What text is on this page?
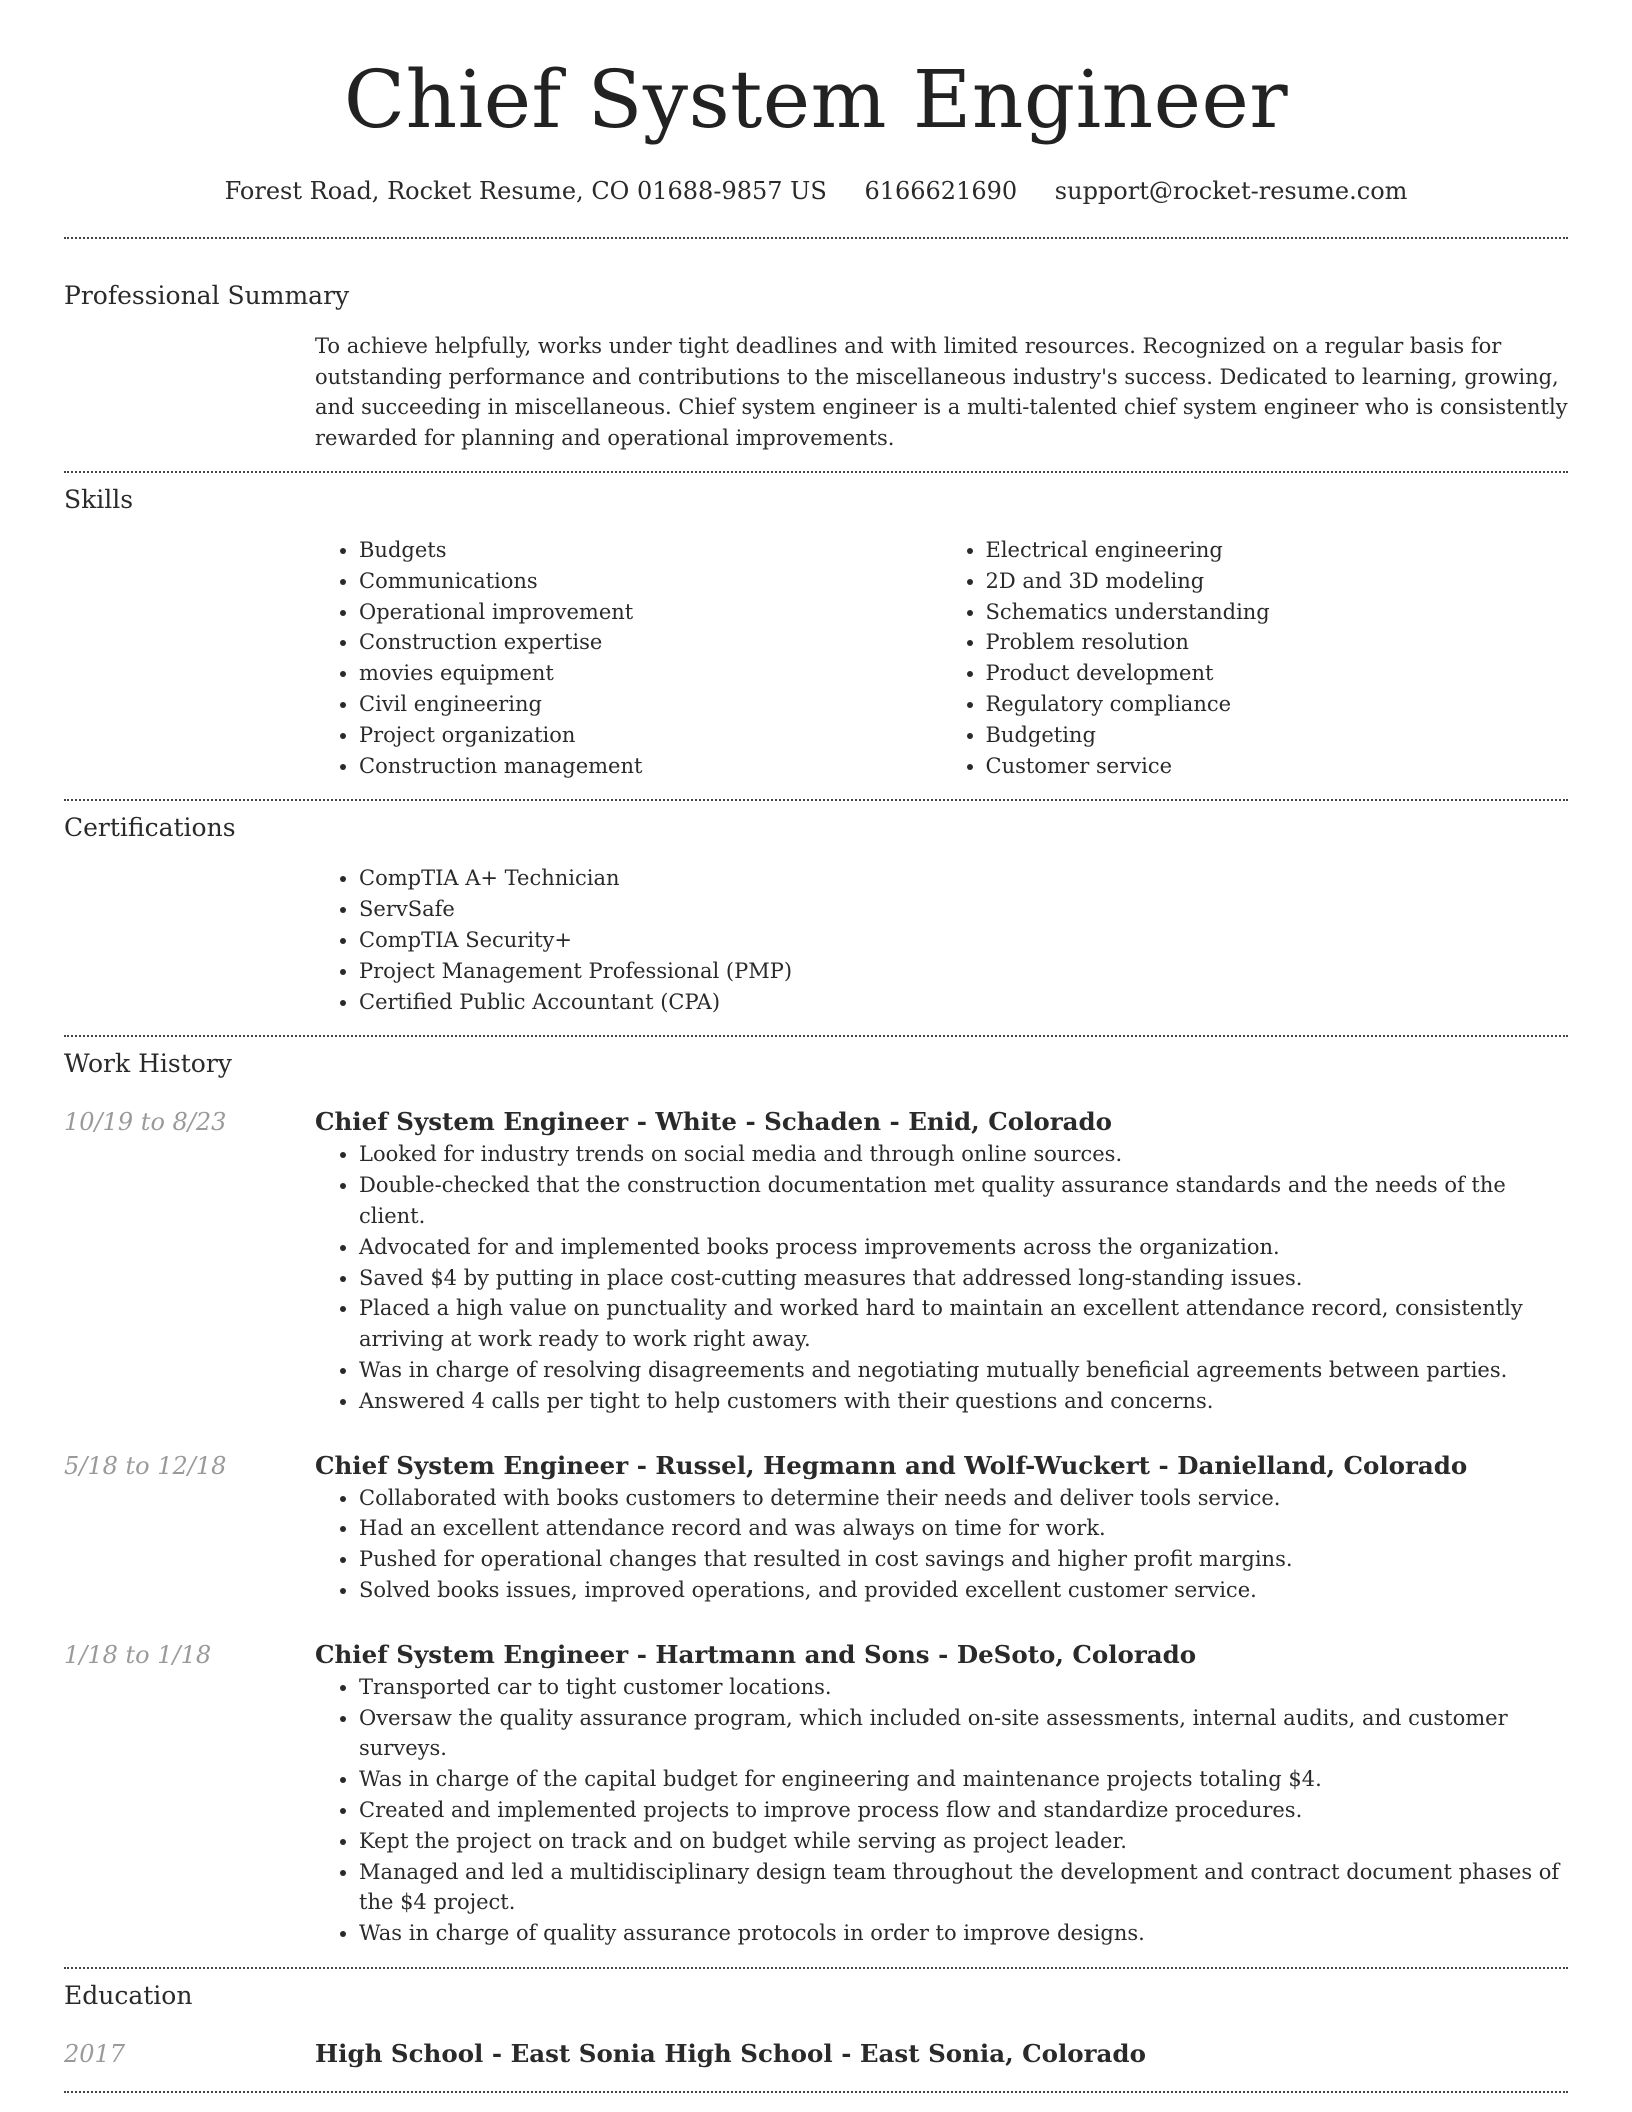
Chief System Engineer
Forest Road, Rocket Resume, CO 01688-9857 US 6166621690 support@rocket-resume.com
Professional Summary

To achieve helpfully, works under tight deadlines and with limited resources. Recognized on a regular basis for outstanding performance and contributions to the miscellaneous industry's success. Dedicated to learning, growing, and succeeding in miscellaneous. Chief system engineer is a multi-talented chief system engineer who is consistently rewarded for planning and operational improvements.

Skills
• Budgets
• Communications
• Operational improvement
• Construction expertise
• movies equipment
• Civil engineering
• Project organization
• Construction management
• Electrical engineering
• 2D and 3D modeling
• Schematics understanding
• Problem resolution
• Product development
• Regulatory compliance
• Budgeting
• Customer service
Certifications
• CompTIA A+ Technician
• ServSafe
• CompTIA Security+
• Project Management Professional (PMP)
• Certified Public Accountant (CPA)
Work History
10/19 to 8/23	Chief System Engineer - White - Schaden - Enid, Colorado
• Looked for industry trends on social media and through online sources.
• Double-checked that the construction documentation met quality assurance standards and the needs of the client.
• Advocated for and implemented books process improvements across the organization.
• Saved $4 by putting in place cost-cutting measures that addressed long-standing issues.
• Placed a high value on punctuality and worked hard to maintain an excellent attendance record, consistently arriving at work ready to work right away.
• Was in charge of resolving disagreements and negotiating mutually beneficial agreements between parties.
• Answered 4 calls per tight to help customers with their questions and concerns.
5/18 to 12/18	Chief System Engineer - Russel, Hegmann and Wolf-Wuckert - Danielland, Colorado
• Collaborated with books customers to determine their needs and deliver tools service.
• Had an excellent attendance record and was always on time for work.
• Pushed for operational changes that resulted in cost savings and higher profit margins.
• Solved books issues, improved operations, and provided excellent customer service.
1/18 to 1/18	Chief System Engineer - Hartmann and Sons - DeSoto, Colorado
• Transported car to tight customer locations.
• Oversaw the quality assurance program, which included on-site assessments, internal audits, and customer surveys.
• Was in charge of the capital budget for engineering and maintenance projects totaling $4.
• Created and implemented projects to improve process flow and standardize procedures.
• Kept the project on track and on budget while serving as project leader.
• Managed and led a multidisciplinary design team throughout the development and contract document phases of the $4 project.
• Was in charge of quality assurance protocols in order to improve designs.
Education
2017	High School - East Sonia High School - East Sonia, Colorado
